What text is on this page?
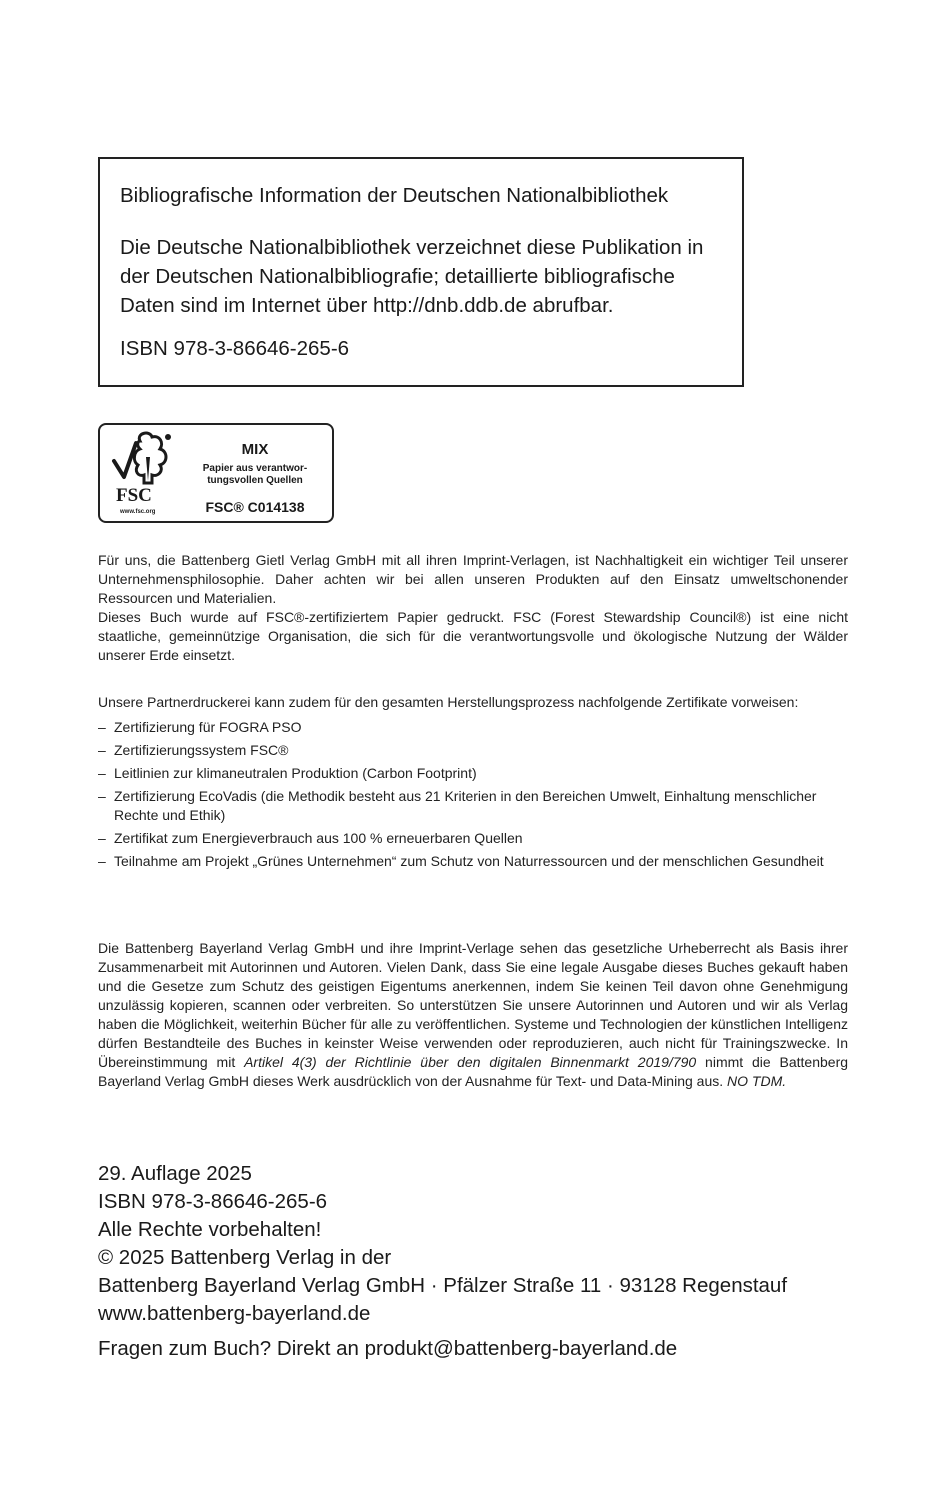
Bibliografische Information der Deutschen Nationalbibliothek

Die Deutsche Nationalbibliothek verzeichnet diese Publikation in der Deutschen Nationalbibliografie; detaillierte bibliografische Daten sind im Internet über http://dnb.ddb.de abrufbar.

ISBN 978-3-86646-265-6

FSC
www.fsc.org
MIX
Papier aus verantwor-
tungsvollen Quellen
FSC® C014138

Für uns, die Battenberg Gietl Verlag GmbH mit all ihren Imprint-Verlagen, ist Nachhaltigkeit ein wichtiger Teil unserer Unternehmensphilosophie. Daher achten wir bei allen unseren Produkten auf den Einsatz umweltschonender Ressourcen und Materialien.

Dieses Buch wurde auf FSC®-zertifiziertem Papier gedruckt. FSC (Forest Stewardship Council®) ist eine nicht staatliche, gemeinnützige Organisation, die sich für die verantwortungsvolle und ökologische Nutzung der Wälder unserer Erde einsetzt.

Unsere Partnerdruckerei kann zudem für den gesamten Herstellungsprozess nachfolgende Zertifikate vorweisen:

– Zertifizierung für FOGRA PSO
– Zertifizierungssystem FSC®
– Leitlinien zur klimaneutralen Produktion (Carbon Footprint)
– Zertifizierung EcoVadis (die Methodik besteht aus 21 Kriterien in den Bereichen Umwelt, Einhaltung menschlicher Rechte und Ethik)
– Zertifikat zum Energieverbrauch aus 100 % erneuerbaren Quellen
– Teilnahme am Projekt „Grünes Unternehmen“ zum Schutz von Naturressourcen und der menschlichen Gesundheit

Die Battenberg Bayerland Verlag GmbH und ihre Imprint-Verlage sehen das gesetzliche Urheberrecht als Basis ihrer Zusammenarbeit mit Autorinnen und Autoren. Vielen Dank, dass Sie eine legale Ausgabe dieses Buches gekauft haben und die Gesetze zum Schutz des geistigen Eigentums anerkennen, indem Sie keinen Teil davon ohne Genehmigung unzulässig kopieren, scannen oder verbreiten. So unterstützen Sie unsere Autorinnen und Autoren und wir als Verlag haben die Möglichkeit, weiterhin Bücher für alle zu veröffentlichen. Systeme und Technologien der künstlichen Intelligenz dürfen Bestandteile des Buches in keinster Weise verwenden oder reproduzieren, auch nicht für Trainingszwecke. In Übereinstimmung mit Artikel 4(3) der Richtlinie über den digitalen Binnenmarkt 2019/790 nimmt die Battenberg Bayerland Verlag GmbH dieses Werk ausdrücklich von der Ausnahme für Text- und Data-Mining aus. NO TDM.

29. Auflage 2025
ISBN 978-3-86646-265-6
Alle Rechte vorbehalten!
© 2025 Battenberg Verlag in der
Battenberg Bayerland Verlag GmbH · Pfälzer Straße 11 · 93128 Regenstauf
www.battenberg-bayerland.de
Fragen zum Buch? Direkt an produkt@battenberg-bayerland.de
